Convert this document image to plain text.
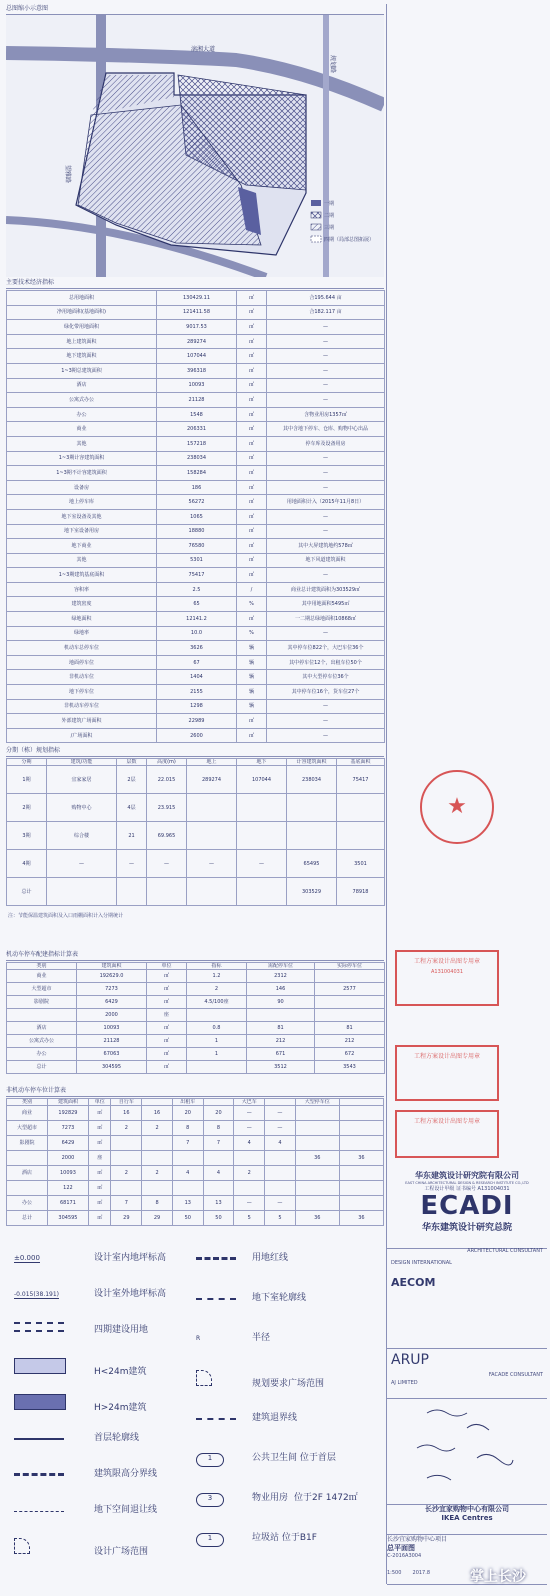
总图缩小示意图
一期
二期
三期
四期（局部总图拓展）
漓湘大道
望雅路
规划路
主要技术经济指标
总用地面积	130429.11	㎡	合195.644 亩
净用地面积(基地面积)	121411.58	㎡	合182.117 亩
绿化带用地面积	9017.53	㎡	—
地上建筑面积	289274	㎡	—
地下建筑面积	107044	㎡	—
1~3期总建筑面积	396318	㎡	—
酒店	10093	㎡	—
公寓式办公	21128	㎡	—
办公	1548	㎡	含物业用房1357㎡
商业	206331	㎡	其中含地下停车、仓库、购物中心出品
其他	157218	㎡	停车库及设备用房
1~3期计容建筑面积	238034	㎡	—
1~3期不计容建筑面积	158284	㎡	—
设备房	186	㎡	—
地上停车库	56272	㎡	用地面积计入（2015年11月8日）
地下室设备及其他	1065	㎡	—
地下室设备用房	18880	㎡	—
地下商业	76580	㎡	其中大屏建筑地约578㎡
其他	5301	㎡	地下风道建筑面积
1~3期建筑基底面积	75417	㎡	—
容积率	2.5	/	商业总计建筑面积为303529㎡
建筑密度	65	%	其中用地面积5495㎡
绿地面积	12141.2	㎡	一二期总绿地面积10868㎡
绿地率	10.0	%	—
机动车总停车位	3626	辆	其中停车位822个，大巴车位36个
地面停车位	67	辆	其中停车位12个，出租车位50个
非机动车位	1404	辆	其中大型停车位36个
地下停车位	2155	辆	其中停车位16个，货车位27个
非机动车停车位	1298	辆	—
外部建筑广场面积	22989	㎡	—
/广场面积	2600	㎡	—
分期（栋）规划指标
分期	建筑/功能	层数	高度(m)	地上	地下	计容建筑面积	基底面积
1期	宜家家居	2层	22.015	289274	107044	238034	75417
2期	购物中心	4层	23.915				
3期	综合楼	21	69.965				
4期	—	—	—	—	—	65495	3501
总计						303529	78918
注：节能保温建筑面积及入口雨棚面积计入分期统计
机动车停车配建指标计算表
类别	建筑面积	单位	指标	需配停车位	实际停车位
商业	192629.0	㎡	1.2	2312	
大型超市	7273	㎡	2	146	2577
影剧院	6429	㎡	4.5/100座	90	
	2000	座			
酒店	10093	㎡	0.8	81	81
公寓式办公	21128	㎡	1	212	212
办公	67063	㎡	1	671	672
总计	304595	㎡		3512	3543
非机动车停车位计算表
类别	建筑面积	单位	自行车		出租车		大巴车		大型停车位	
商业	192829	㎡	16	16	20	20	—	—		
大型超市	7273	㎡	2	2	8	8	—	—		
影剧院	6429	㎡			7	7	4	4		
	2000	座							36	36
酒店	10093	㎡	2	2	4	4	2			
	122	㎡								
办公	68171	㎡	7	8	13	13	—	—		
总计	304595	㎡	29	29	50	50	5	5	36	36
±0.000	设计室内地坪标高
-0.015(38.191)	设计室外地坪标高
四期建设用地
H<24m建筑
H>24m建筑
首层轮廓线
建筑限高分界线
地下空间退让线
设计广场范围
用地红线
地下室轮廓线
R	半径
规划要求广场范围
建筑退界线
1	公共卫生间 位于首层
3	物业用房 位于2F 1472㎡
1	垃圾站 位于B1F
★
工程方案设计出图专用章
A131004031
工程方案设计出图专用章
工程方案设计出图专用章
华东建筑设计研究院有限公司
EAST CHINA ARCHITECTURAL DESIGN & RESEARCH INSTITUTE CO.,LTD
工程设计甲级 证书编号 A131004031
ECADI
华东建筑设计研究总院
ARCHITECTURAL CONSULTANT
DESIGN INTERNATIONAL
AECOM
ARUP
FACADE CONSULTANT
AJ LIMITED
长沙宜家购物中心有限公司
IKEA Centres
长沙宜家购物中心项目
总平面图
C-2016A3004
1:500 2017.8	掌上长沙
